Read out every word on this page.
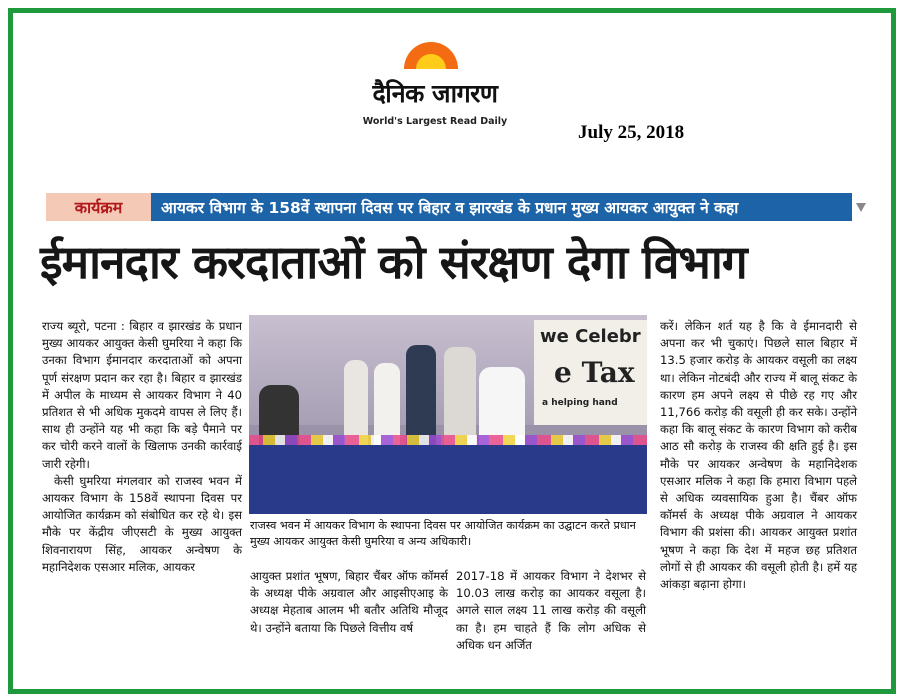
दैनिक जागरण
World's Largest Read Daily
July 25, 2018
कार्यक्रम	आयकर विभाग के 158वें स्थापना दिवस पर बिहार व झारखंड के प्रधान मुख्य आयकर आयुक्त ने कहा
ईमानदार करदाताओं को संरक्षण देगा विभाग

राज्य ब्यूरो, पटना : बिहार व झारखंड के प्रधान मुख्य आयकर आयुक्त केसी घुमरिया ने कहा कि उनका विभाग ईमानदार करदाताओं को अपना पूर्ण संरक्षण प्रदान कर रहा है। बिहार व झारखंड में अपील के माध्यम से आयकर विभाग ने 40 प्रतिशत से भी अधिक मुकदमे वापस ले लिए हैं। साथ ही उन्होंने यह भी कहा कि बड़े पैमाने पर कर चोरी करने वालों के खिलाफ उनकी कार्रवाई जारी रहेगी।

केसी घुमरिया मंगलवार को राजस्व भवन में आयकर विभाग के 158वें स्थापना दिवस पर आयोजित कार्यक्रम को संबोधित कर रहे थे। इस मौके पर केंद्रीय जीएसटी के मुख्य आयुक्त शिवनारायण सिंह, आयकर अन्वेषण के महानिदेशक एसआर मलिक, आयकर

we Celebr
e Tax
a helping hand
राजस्व भवन में आयकर विभाग के स्थापना दिवस पर आयोजित कार्यक्रम का उद्घाटन करते प्रधान मुख्य आयकर आयुक्त केसी घुमरिया व अन्य अधिकारी।

आयुक्त प्रशांत भूषण, बिहार चैंबर ऑफ कॉमर्स के अध्यक्ष पीके अग्रवाल और आइसीएआइ के अध्यक्ष मेहताब आलम भी बतौर अतिथि मौजूद थे। उन्होंने बताया कि पिछले वित्तीय वर्ष

2017-18 में आयकर विभाग ने देशभर से 10.03 लाख करोड़ का आयकर वसूला है। अगले साल लक्ष्य 11 लाख करोड़ की वसूली का है। हम चाहते हैं कि लोग अधिक से अधिक धन अर्जित

करें। लेकिन शर्त यह है कि वे ईमानदारी से अपना कर भी चुकाएं। पिछले साल बिहार में 13.5 हजार करोड़ के आयकर वसूली का लक्ष्य था। लेकिन नोटबंदी और राज्य में बालू संकट के कारण हम अपने लक्ष्य से पीछे रह गए और 11,766 करोड़ की वसूली ही कर सके। उन्होंने कहा कि बालू संकट के कारण विभाग को करीब आठ सौ करोड़ के राजस्व की क्षति हुई है। इस मौके पर आयकर अन्वेषण के महानिदेशक एसआर मलिक ने कहा कि हमारा विभाग पहले से अधिक व्यवसायिक हुआ है। चैंबर ऑफ कॉमर्स के अध्यक्ष पीके अग्रवाल ने आयकर विभाग की प्रशंसा की। आयकर आयुक्त प्रशांत भूषण ने कहा कि देश में महज छह प्रतिशत लोगों से ही आयकर की वसूली होती है। हमें यह आंकड़ा बढ़ाना होगा।
